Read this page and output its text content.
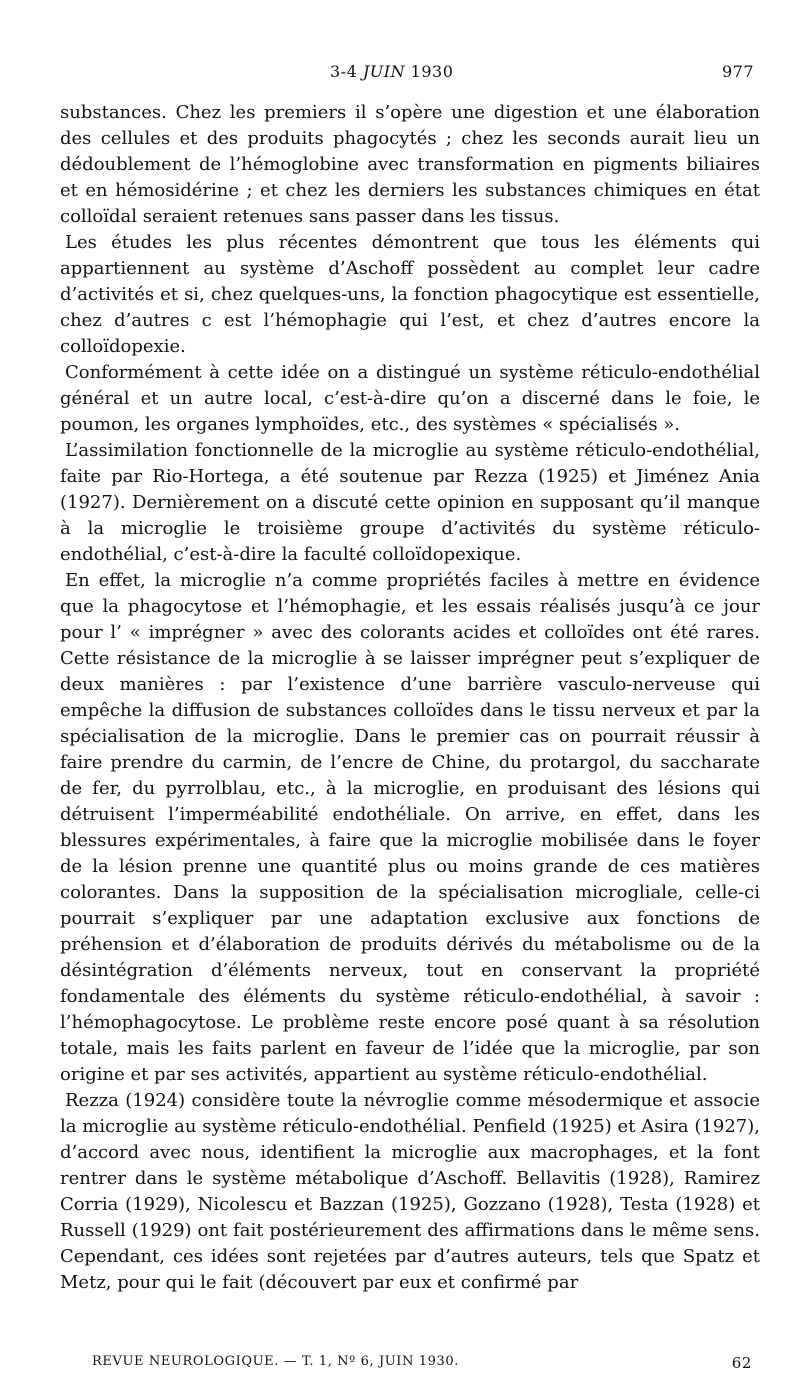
3-4 JUIN 1930	977

substances. Chez les premiers il s’opère une digestion et une élaboration des cellules et des produits phagocytés ; chez les seconds aurait lieu un dédoublement de l’hémoglobine avec transformation en pigments biliaires et en hémosidérine ; et chez les derniers les substances chimiques en état colloïdal seraient retenues sans passer dans les tissus.

Les études les plus récentes démontrent que tous les éléments qui appartiennent au système d’Aschoff possèdent au complet leur cadre d’activités et si, chez quelques-uns, la fonction phagocytique est essentielle, chez d’autres c est l’hémophagie qui l’est, et chez d’autres encore la colloïdopexie.

Conformément à cette idée on a distingué un système réticulo-endothélial général et un autre local, c’est-à-dire qu’on a discerné dans le foie, le poumon, les organes lymphoïdes, etc., des systèmes « spécialisés ».

L’assimilation fonctionnelle de la microglie au système réticulo-endothélial, faite par Rio-Hortega, a été soutenue par Rezza (1925) et Jiménez Ania (1927). Dernièrement on a discuté cette opinion en supposant qu’il manque à la microglie le troisième groupe d’activités du système réticulo-endothélial, c’est-à-dire la faculté colloïdopexique.

En effet, la microglie n’a comme propriétés faciles à mettre en évidence que la phagocytose et l’hémophagie, et les essais réalisés jusqu’à ce jour pour l’ « imprégner » avec des colorants acides et colloïdes ont été rares. Cette résistance de la microglie à se laisser imprégner peut s’expliquer de deux manières : par l’existence d’une barrière vasculo-nerveuse qui empêche la diffusion de substances colloïdes dans le tissu nerveux et par la spécialisation de la microglie. Dans le premier cas on pourrait réussir à faire prendre du carmin, de l’encre de Chine, du protargol, du saccharate de fer, du pyrrolblau, etc., à la microglie, en produisant des lésions qui détruisent l’imperméabilité endothéliale. On arrive, en effet, dans les blessures expérimentales, à faire que la microglie mobilisée dans le foyer de la lésion prenne une quantité plus ou moins grande de ces matières colorantes. Dans la supposition de la spécialisation microgliale, celle-ci pourrait s’expliquer par une adaptation exclusive aux fonctions de préhension et d’élaboration de produits dérivés du métabolisme ou de la désintégration d’éléments nerveux, tout en conservant la propriété fondamentale des éléments du système réticulo-endothélial, à savoir : l’hémophagocytose. Le problème reste encore posé quant à sa résolution totale, mais les faits parlent en faveur de l’idée que la microglie, par son origine et par ses activités, appartient au système réticulo-endothélial.

Rezza (1924) considère toute la névroglie comme mésodermique et associe la microglie au système réticulo-endothélial. Penfield (1925) et Asira (1927), d’accord avec nous, identifient la microglie aux macrophages, et la font rentrer dans le système métabolique d’Aschoff. Bellavitis (1928), Ramirez Corria (1929), Nicolescu et Bazzan (1925), Gozzano (1928), Testa (1928) et Russell (1929) ont fait postérieurement des affirmations dans le même sens. Cependant, ces idées sont rejetées par d’autres auteurs, tels que Spatz et Metz, pour qui le fait (découvert par eux et confirmé par

REVUE NEUROLOGIQUE. — T. 1, Nº 6, JUIN 1930.	62
